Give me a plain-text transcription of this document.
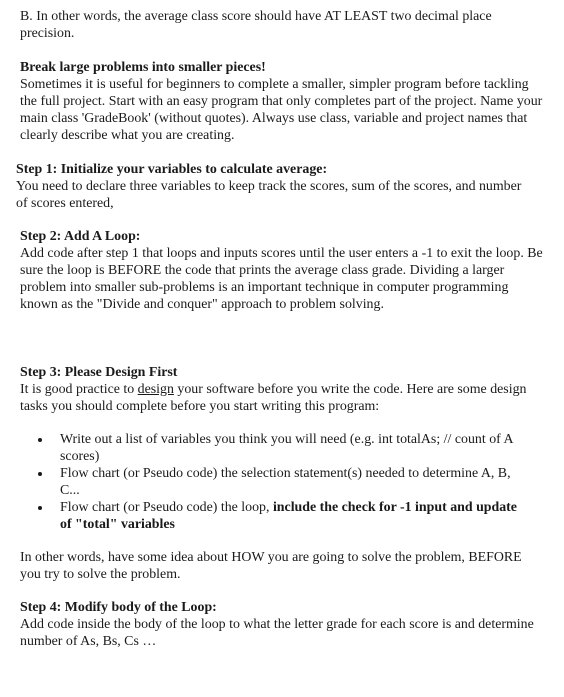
B. In other words, the average class score should have AT LEAST two decimal place precision.

Break large problems into smaller pieces!

Sometimes it is useful for beginners to complete a smaller, simpler program before tackling the full project. Start with an easy program that only completes part of the project. Name your main class 'GradeBook' (without quotes). Always use class, variable and project names that clearly describe what you are creating.

Step 1: Initialize your variables to calculate average:

You need to declare three variables to keep track the scores, sum of the scores, and number of scores entered,

Step 2: Add A Loop:

Add code after step 1 that loops and inputs scores until the user enters a -1 to exit the loop. Be sure the loop is BEFORE the code that prints the average class grade. Dividing a larger problem into smaller sub-problems is an important technique in computer programming known as the "Divide and conquer" approach to problem solving.

Step 3: Please Design First

It is good practice to design your software before you write the code. Here are some design tasks you should complete before you start writing this program:

Write out a list of variables you think you will need (e.g. int totalAs; // count of A scores)
Flow chart (or Pseudo code) the selection statement(s) needed to determine A, B, C...
Flow chart (or Pseudo code) the loop, include the check for -1 input and update of "total" variables

In other words, have some idea about HOW you are going to solve the problem, BEFORE you try to solve the problem.

Step 4: Modify body of the Loop:

Add code inside the body of the loop to what the letter grade for each score is and determine number of As, Bs, Cs …
